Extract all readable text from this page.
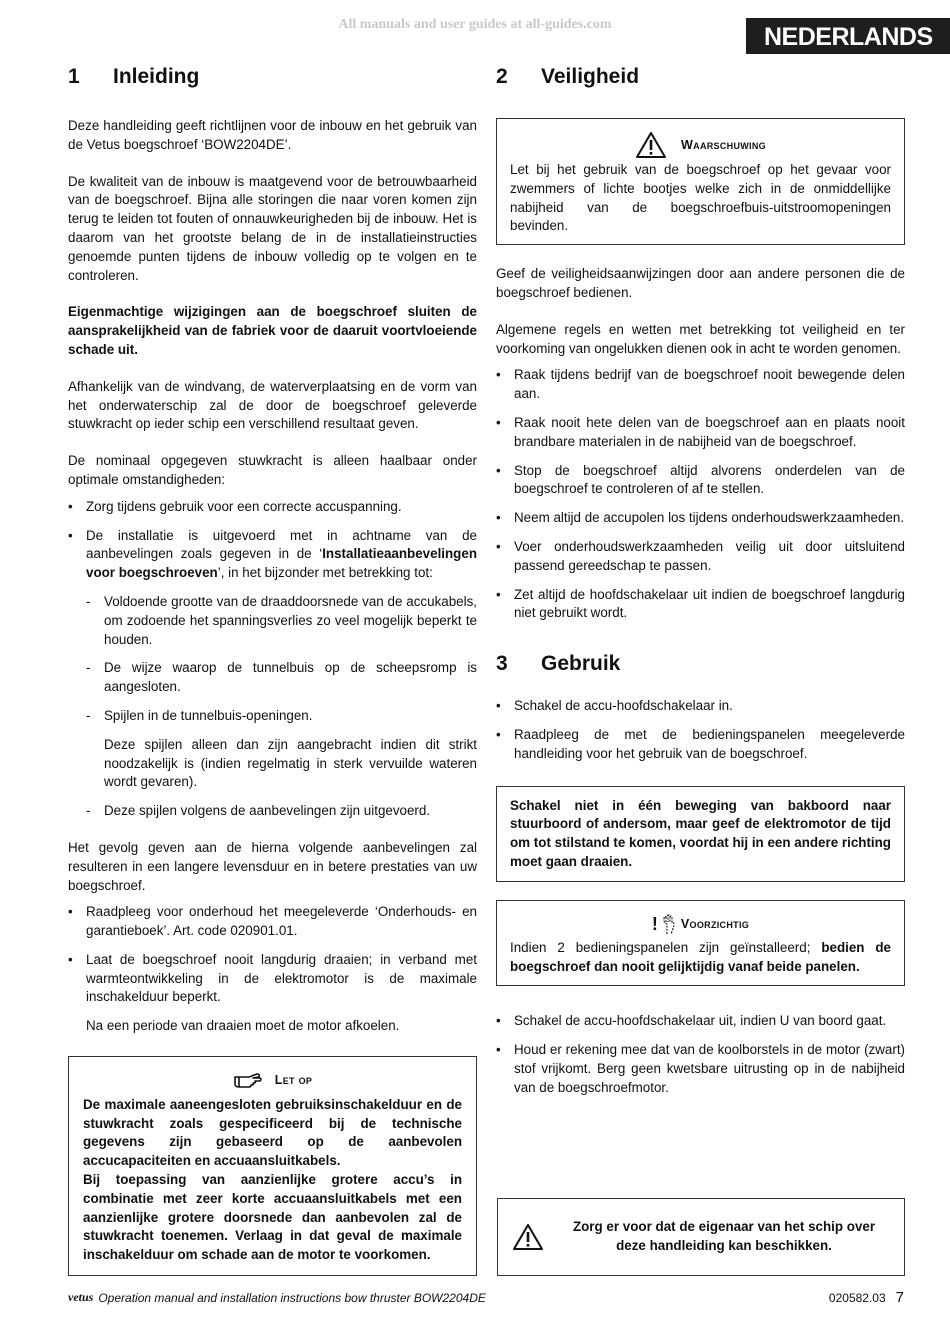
All manuals and user guides at all-guides.com	NEDERLANDS
1	Inleiding

Deze handleiding geeft richtlijnen voor de inbouw en het gebruik van de Vetus boegschroef ‘BOW2204DE’.

De kwaliteit van de inbouw is maatgevend voor de betrouwbaarheid van de boegschroef. Bijna alle storingen die naar voren komen zijn terug te leiden tot fouten of onnauwkeurigheden bij de inbouw. Het is daarom van het grootste belang de in de installatieinstructies genoemde punten tijdens de inbouw volledig op te volgen en te controleren.

Eigenmachtige wijzigingen aan de boegschroef sluiten de aansprakelijkheid van de fabriek voor de daaruit voortvloeiende schade uit.

Afhankelijk van de windvang, de waterverplaatsing en de vorm van het onderwaterschip zal de door de boegschroef geleverde stuwkracht op ieder schip een verschillend resultaat geven.

De nominaal opgegeven stuwkracht is alleen haalbaar onder optimale omstandigheden:

• Zorg tijdens gebruik voor een correcte accuspanning.
• De installatie is uitgevoerd met in achtname van de aanbevelingen zoals gegeven in de ‘Installatieaanbevelingen voor boegschroeven’, in het bijzonder met betrekking tot:
- Voldoende grootte van de draaddoorsnede van de accukabels, om zodoende het spanningsverlies zo veel mogelijk beperkt te houden.
- De wijze waarop de tunnelbuis op de scheepsromp is aangesloten.
- Spijlen in de tunnelbuis-openingen.

Deze spijlen alleen dan zijn aangebracht indien dit strikt noodzakelijk is (indien regelmatig in sterk vervuilde wateren wordt gevaren).

- Deze spijlen volgens de aanbevelingen zijn uitgevoerd.

Het gevolg geven aan de hierna volgende aanbevelingen zal resulteren in een langere levensduur en in betere prestaties van uw boegschroef.

• Raadpleeg voor onderhoud het meegeleverde ‘Onderhouds- en garantieboek’. Art. code 020901.01.
• Laat de boegschroef nooit langdurig draaien; in verband met warmteontwikkeling in de elektromotor is de maximale inschakelduur beperkt.

Na een periode van draaien moet de motor afkoelen.

Let op

De maximale aaneengesloten gebruiksinschakelduur en de stuwkracht zoals gespecificeerd bij de technische gegevens zijn gebaseerd op de aanbevolen accucapaciteiten en accuaansluitkabels.

Bij toepassing van aanzienlijke grotere accu’s in combinatie met zeer korte accuaansluitkabels met een aanzienlijke grotere doorsnede dan aanbevolen zal de stuwkracht toenemen. Verlaag in dat geval de maximale inschakelduur om schade aan de motor te voorkomen.

2	Veiligheid
Waarschuwing

Let bij het gebruik van de boegschroef op het gevaar voor zwemmers of lichte bootjes welke zich in de onmiddellijke nabijheid van de boegschroefbuis-uitstroomopeningen bevinden.

Geef de veiligheidsaanwijzingen door aan andere personen die de boegschroef bedienen.

Algemene regels en wetten met betrekking tot veiligheid en ter voorkoming van ongelukken dienen ook in acht te worden genomen.

• Raak tijdens bedrijf van de boegschroef nooit bewegende delen aan.
• Raak nooit hete delen van de boegschroef aan en plaats nooit brandbare materialen in de nabijheid van de boegschroef.
• Stop de boegschroef altijd alvorens onderdelen van de boegschroef te controleren of af te stellen.
• Neem altijd de accupolen los tijdens onderhoudswerkzaamheden.
• Voer onderhoudswerkzaamheden veilig uit door uitsluitend passend gereedschap te passen.
• Zet altijd de hoofdschakelaar uit indien de boegschroef langdurig niet gebruikt wordt.
3	Gebruik
• Schakel de accu-hoofdschakelaar in.
• Raadpleeg de met de bedieningspanelen meegeleverde handleiding voor het gebruik van de boegschroef.

Schakel niet in één beweging van bakboord naar stuurboord of andersom, maar geef de elektromotor de tijd om tot stilstand te komen, voordat hij in een andere richting moet gaan draaien.

! Voorzichtig

Indien 2 bedieningspanelen zijn geïnstalleerd; bedien de boegschroef dan nooit gelijktijdig vanaf beide panelen.

• Schakel de accu-hoofdschakelaar uit, indien U van boord gaat.
• Houd er rekening mee dat van de koolborstels in de motor (zwart) stof vrijkomt. Berg geen kwetsbare uitrusting op in de nabijheid van de boegschroefmotor.

Zorg er voor dat de eigenaar van het schip over deze handleiding kan beschikken.

vetus Operation manual and installation instructions bow thruster BOW2204DE	020582.03 7
